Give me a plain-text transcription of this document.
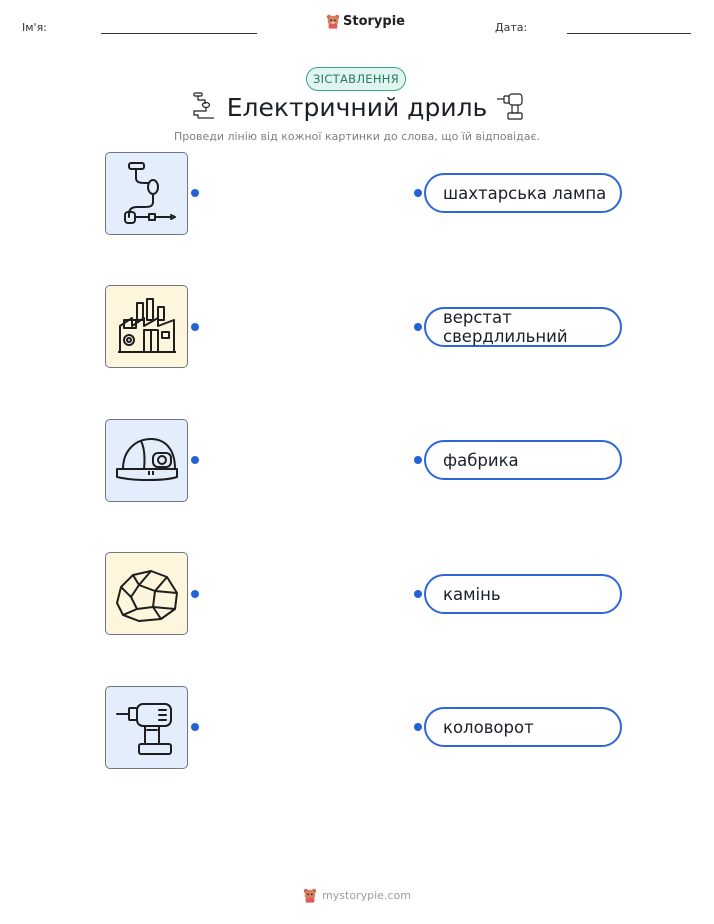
Ім'я:	Storypie	Дата:
ЗІСТАВЛЕННЯ
Електричний дриль
Проведи лінію від кожної картинки до слова, що їй відповідає.
шахтарська лампа
верстат свердлильний
фабрика
камінь
коловорот
mystorypie.com
